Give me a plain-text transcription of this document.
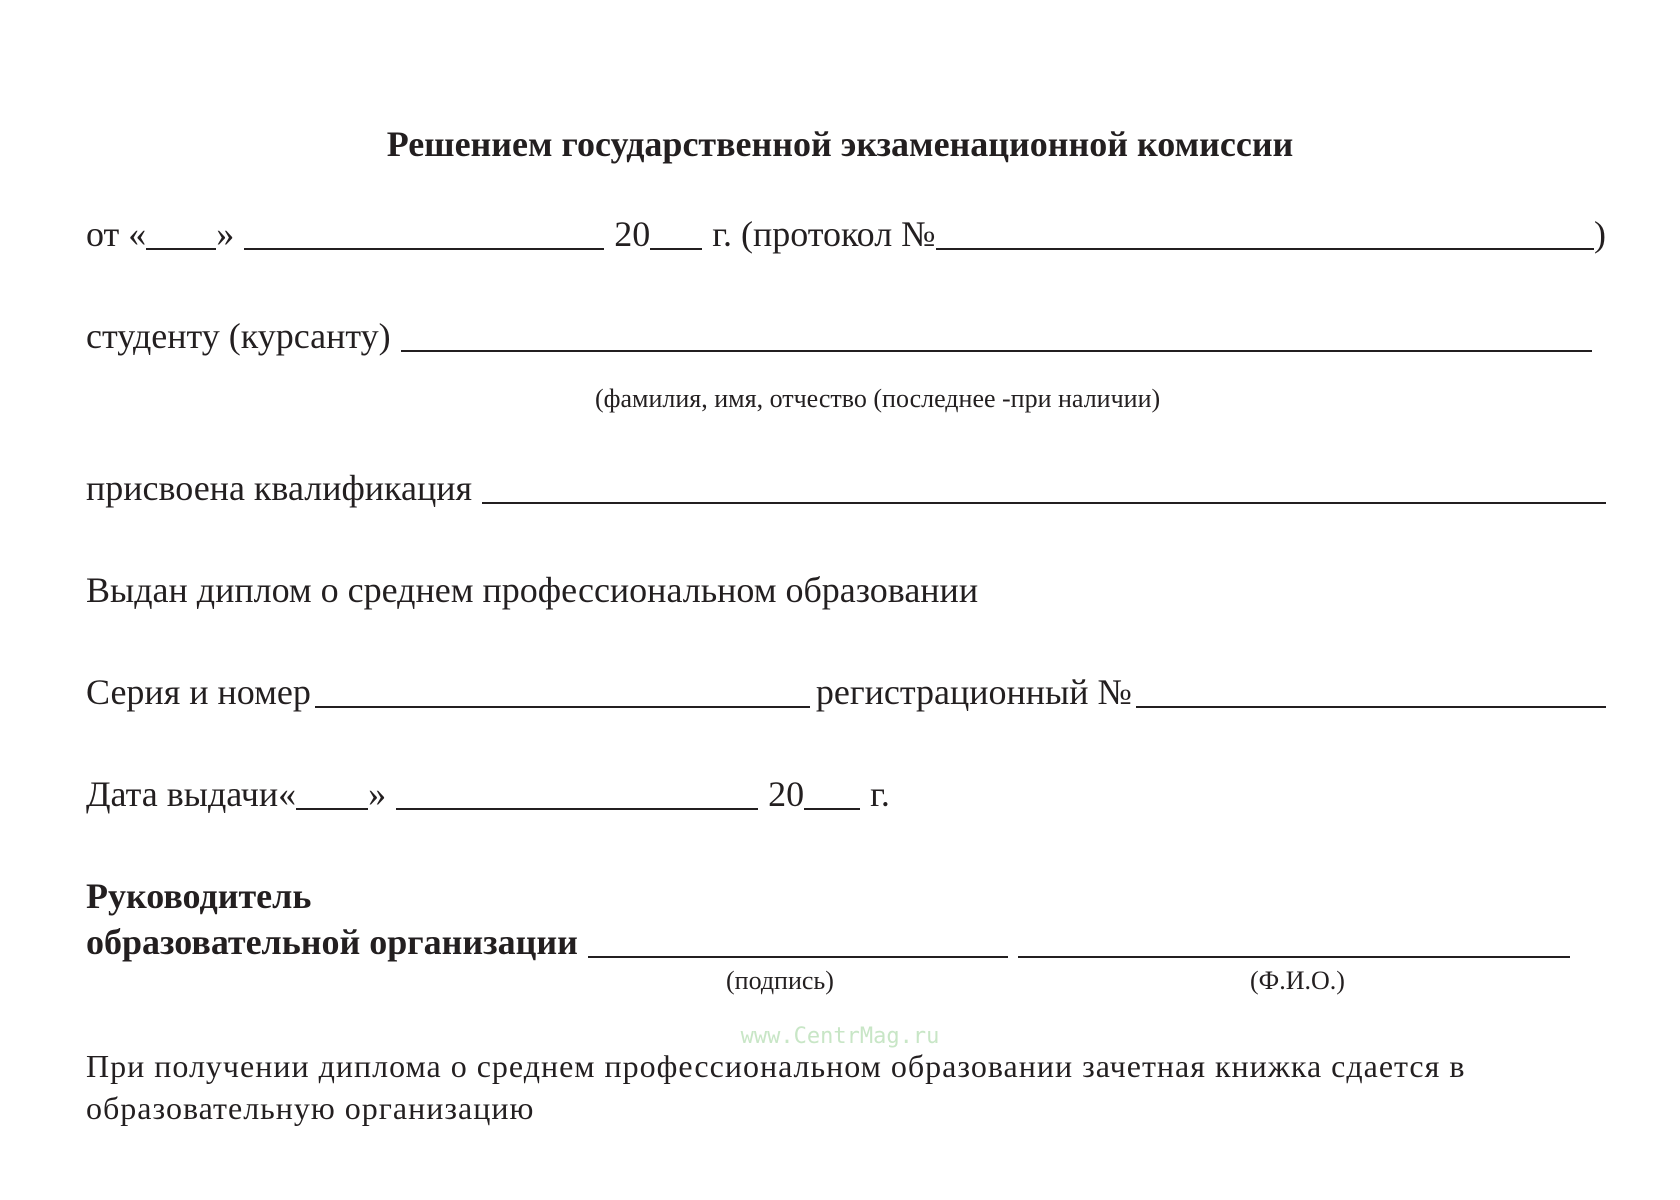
Решением государственной экзаменационной комиссии
от « »	20 г. (протокол №	)
студенту (курсанту)
(фамилия, имя, отчество (последнее -при наличии)
присвоена квалификация
Выдан диплом о среднем профессиональном образовании
Серия и номер	регистрационный №
Дата выдачи« »	20 г.
Руководитель
образовательной организации
(подпись)	(Ф.И.О.)
www.CentrMag.ru
При получении диплома о среднем профессиональном образовании зачетная книжка сдается в образовательную организацию
